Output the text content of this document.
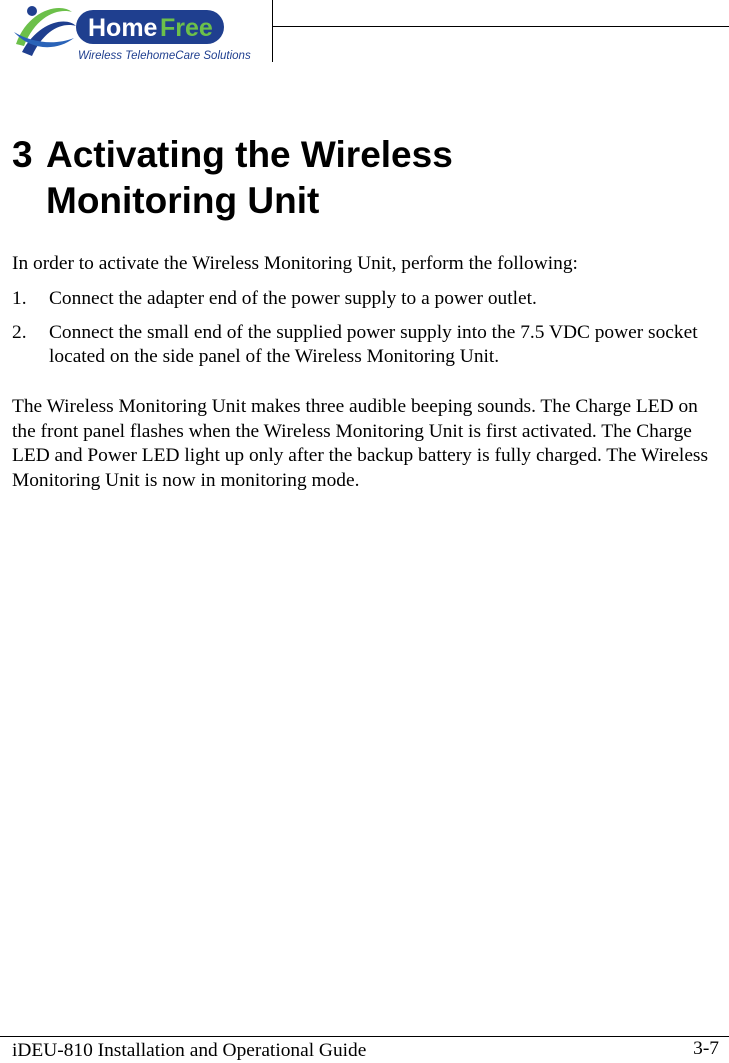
Home Free
Wireless TelehomeCare Solutions
3 Activating the Wireless
Monitoring Unit

In order to activate the Wireless Monitoring Unit, perform the following:

1. Connect the adapter end of the power supply to a power outlet.
2. Connect the small end of the supplied power supply into the 7.5 VDC power socket located on the side panel of the Wireless Monitoring Unit.

The Wireless Monitoring Unit makes three audible beeping sounds. The Charge LED on the front panel flashes when the Wireless Monitoring Unit is first activated. The Charge LED and Power LED light up only after the backup battery is fully charged. The Wireless Monitoring Unit is now in monitoring mode.

iDEU-810 Installation and Operational Guide	3-7
